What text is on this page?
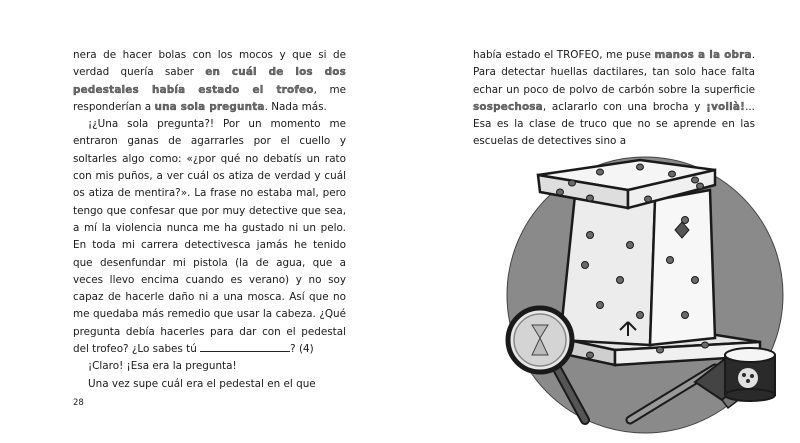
nera de hacer bolas con los mocos y que si de verdad quería saber en cuál de los dos pedestales había estado el trofeo, me responderían a una sola pregunta. Nada más.

¡¿Una sola pregunta?! Por un momento me entraron ganas de agarrarles por el cuello y soltarles algo como: «¿por qué no debatís un rato con mis puños, a ver cuál os atiza de verdad y cuál os atiza de mentira?». La frase no estaba mal, pero tengo que confesar que por muy detective que sea, a mí la violencia nunca me ha gustado ni un pelo. En toda mi carrera detectivesca jamás he tenido que desenfundar mi pistola (la de agua, que a veces llevo encima cuando es verano) y no soy capaz de hacerle daño ni a una mosca. Así que no me quedaba más remedio que usar la cabeza. ¿Qué pregunta debía hacerles para dar con el pedestal del trofeo? ¿Lo sabes tú	? (4)

¡Claro! ¡Esa era la pregunta!

Una vez supe cuál era el pedestal en el que

28

había estado el TROFEO, me puse manos a la obra. Para detectar huellas dactilares, tan solo hace falta echar un poco de polvo de carbón sobre la superficie sospechosa, aclararlo con una brocha y ¡voilà!... Esa es la clase de truco que no se aprende en las escuelas de detectives sino a
